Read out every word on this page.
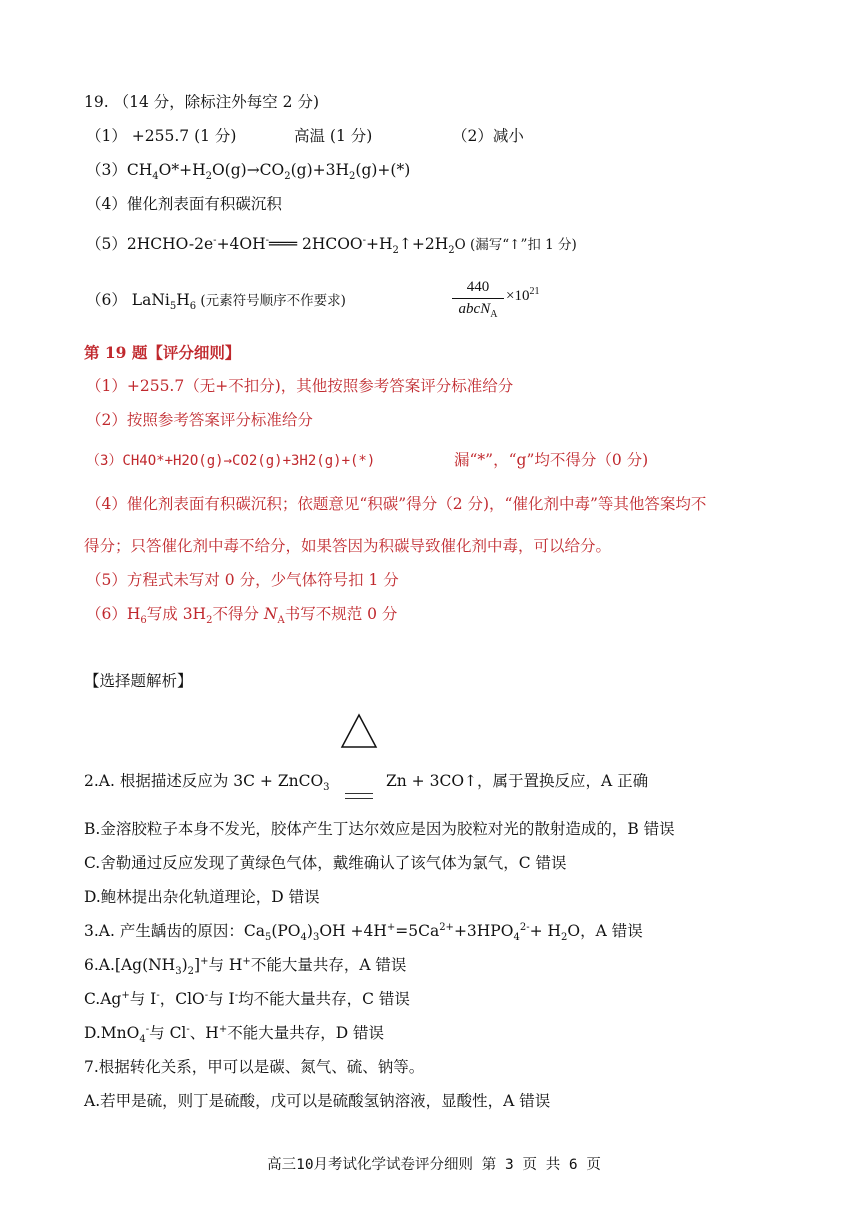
19. （14 分，除标注外每空 2 分)
（1） +255.7 (1 分)	高温 (1 分)	（2）减小
$(3)CH_4O*+H_2O(g)\to CO_2(g)+3H_2(g)+(*)$
（4）催化剂表面有积碳沉积
（5）2HCHO-2e-+4OH-═══ $2HCOO^-+H_2↑+2H_2O$ (漏写“↑”扣 1 分)
（6） $LaNi_5H_6$ (元素符号顺序不作要求)
440
abcN$_A$
$\times 10^{21}$
第 19 题【评分细则】
（1）+255.7（无+不扣分)，其他按照参考答案评分标准给分
（2）按照参考答案评分标准给分
（3）CH4O*+H2O(g)→CO2(g)+3H2(g)+(*)	漏“*”，“g”均不得分（0 分)
（4）催化剂表面有积碳沉积；依题意见“积碳”得分（2 分)，“催化剂中毒”等其他答案均不
得分；只答催化剂中毒不给分，如果答因为积碳导致催化剂中毒，可以给分。
（5）方程式未写对 0 分，少气体符号扣 1 分
$(6)H_6$写成 $3H_2$不得分 $N_A$书写不规范 0 分
【选择题解析】
2.A. 根据描述反应为 3C + ZnCO$_3$	Zn + 3CO↑，属于置换反应，A 正确
B.金溶胶粒子本身不发光，胶体产生丁达尔效应是因为胶粒对光的散射造成的，B 错误
C.舍勒通过反应发现了黄绿色气体，戴维确认了该气体为氯气，C 错误
D.鲍林提出杂化轨道理论，D 错误
3.A. 产生龋齿的原因：$Ca_5(PO_4)_3OH +4H^+=5Ca^{2+}+3HPO_4^{2-}+ H_2O$，A 错误
$6.A.[Ag(NH_3)_2]^+$与 H+不能大量共存，A 错误
C.Ag+与 I-，ClO-与 I-均不能大量共存，C 错误
D.MnO$_4$-与 Cl-、H+不能大量共存，D 错误
7.根据转化关系，甲可以是碳、氮气、硫、钠等。
A.若甲是硫，则丁是硫酸，戊可以是硫酸氢钠溶液，显酸性，A 错误
高三10月考试化学试卷评分细则 第 3 页 共 6 页
